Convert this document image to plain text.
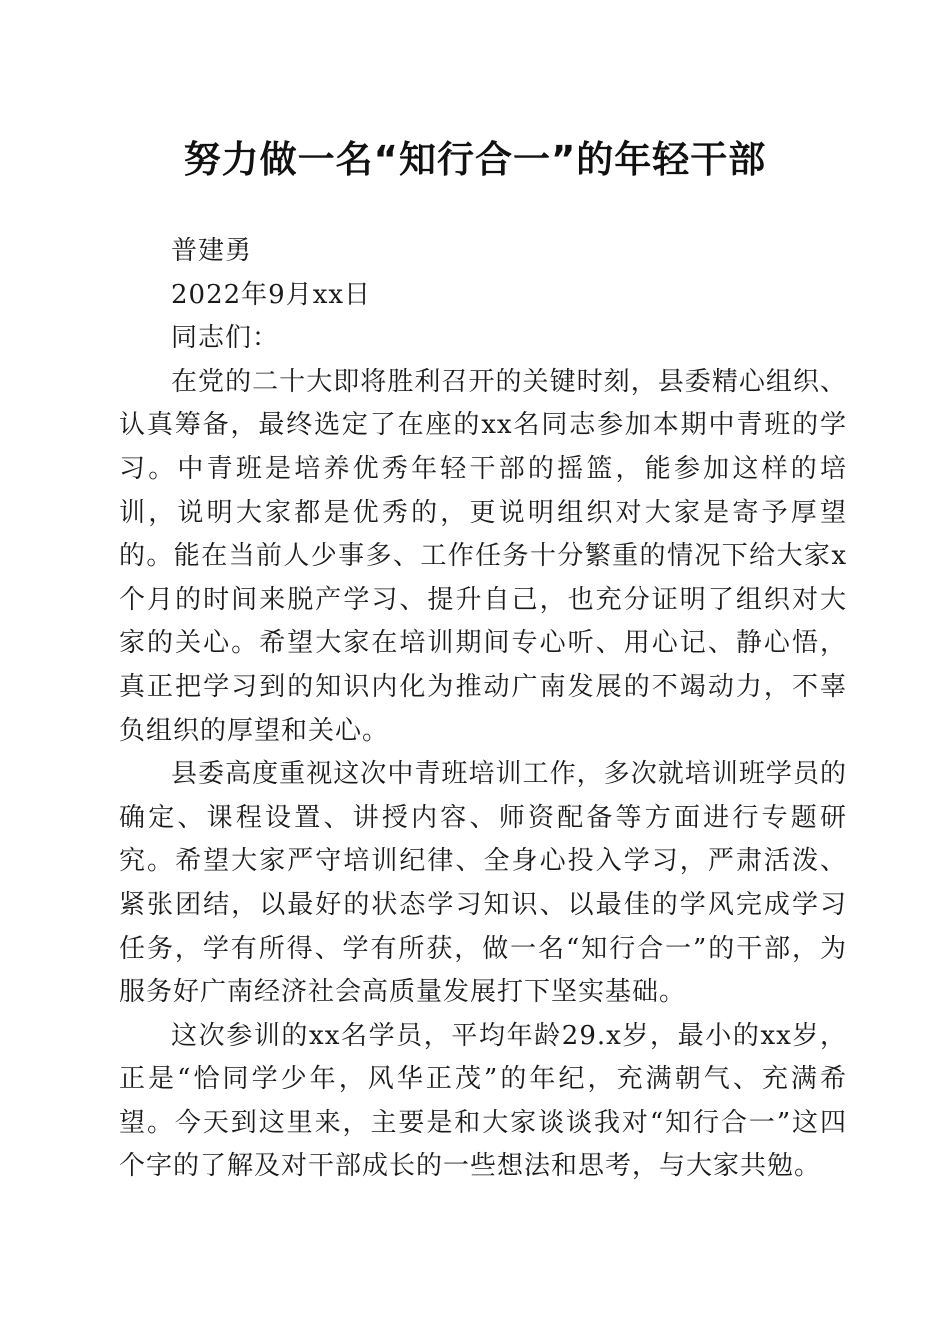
努力做一名“知行合一”的年轻干部

普建勇

2022年9月xx日

同志们：

在党的二十大即将胜利召开的关键时刻，县委精心组织、认真筹备，最终选定了在座的xx名同志参加本期中青班的学习。中青班是培养优秀年轻干部的摇篮，能参加这样的培训，说明大家都是优秀的，更说明组织对大家是寄予厚望的。能在当前人少事多、工作任务十分繁重的情况下给大家x个月的时间来脱产学习、提升自己，也充分证明了组织对大家的关心。希望大家在培训期间专心听、用心记、静心悟，真正把学习到的知识内化为推动广南发展的不竭动力，不辜负组织的厚望和关心。

县委高度重视这次中青班培训工作，多次就培训班学员的确定、课程设置、讲授内容、师资配备等方面进行专题研究。希望大家严守培训纪律、全身心投入学习，严肃活泼、紧张团结，以最好的状态学习知识、以最佳的学风完成学习任务，学有所得、学有所获，做一名“知行合一”的干部，为服务好广南经济社会高质量发展打下坚实基础。

这次参训的xx名学员，平均年龄29.x岁，最小的xx岁，正是“恰同学少年，风华正茂”的年纪，充满朝气、充满希望。今天到这里来，主要是和大家谈谈我对“知行合一”这四个字的了解及对干部成长的一些想法和思考，与大家共勉。
